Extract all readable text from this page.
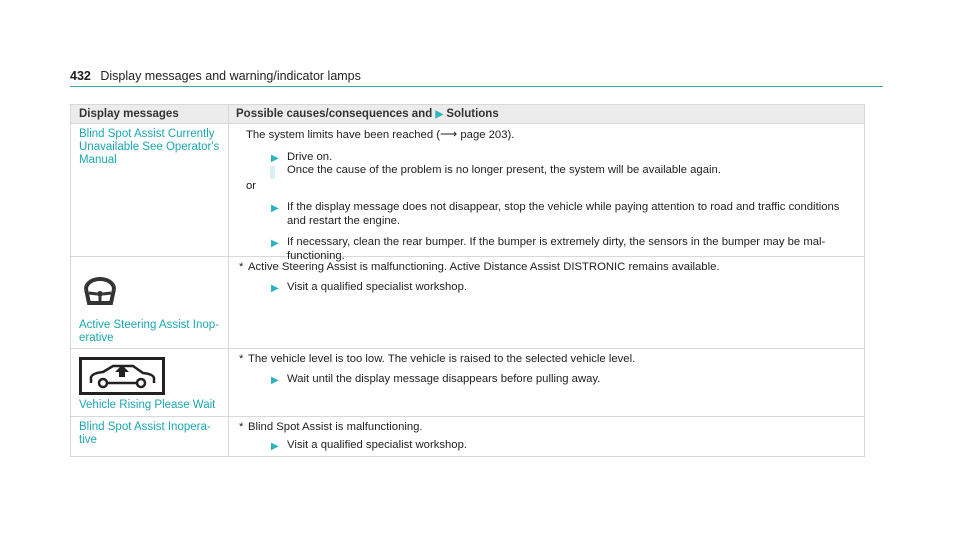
432 Display messages and warning/indicator lamps
Display messages	Possible causes/consequences and ▶ Solutions
Blind Spot Assist Currently Unavailable See Operator's Manual
The system limits have been reached (⟶ page 203).
▶ Drive on.
Once the cause of the problem is no longer present, the system will be available again.
or
▶ If the display message does not disappear, stop the vehicle while paying attention to road and traffic conditions and restart the engine.
▶ If necessary, clean the rear bumper. If the bumper is extremely dirty, the sensors in the bumper may be mal-functioning.
Active Steering Assist Inop-erative
* Active Steering Assist is malfunctioning. Active Distance Assist DISTRONIC remains available.
▶ Visit a qualified specialist workshop.
Vehicle Rising Please Wait
* The vehicle level is too low. The vehicle is raised to the selected vehicle level.
▶ Wait until the display message disappears before pulling away.
Blind Spot Assist Inopera-tive
* Blind Spot Assist is malfunctioning.
▶ Visit a qualified specialist workshop.
